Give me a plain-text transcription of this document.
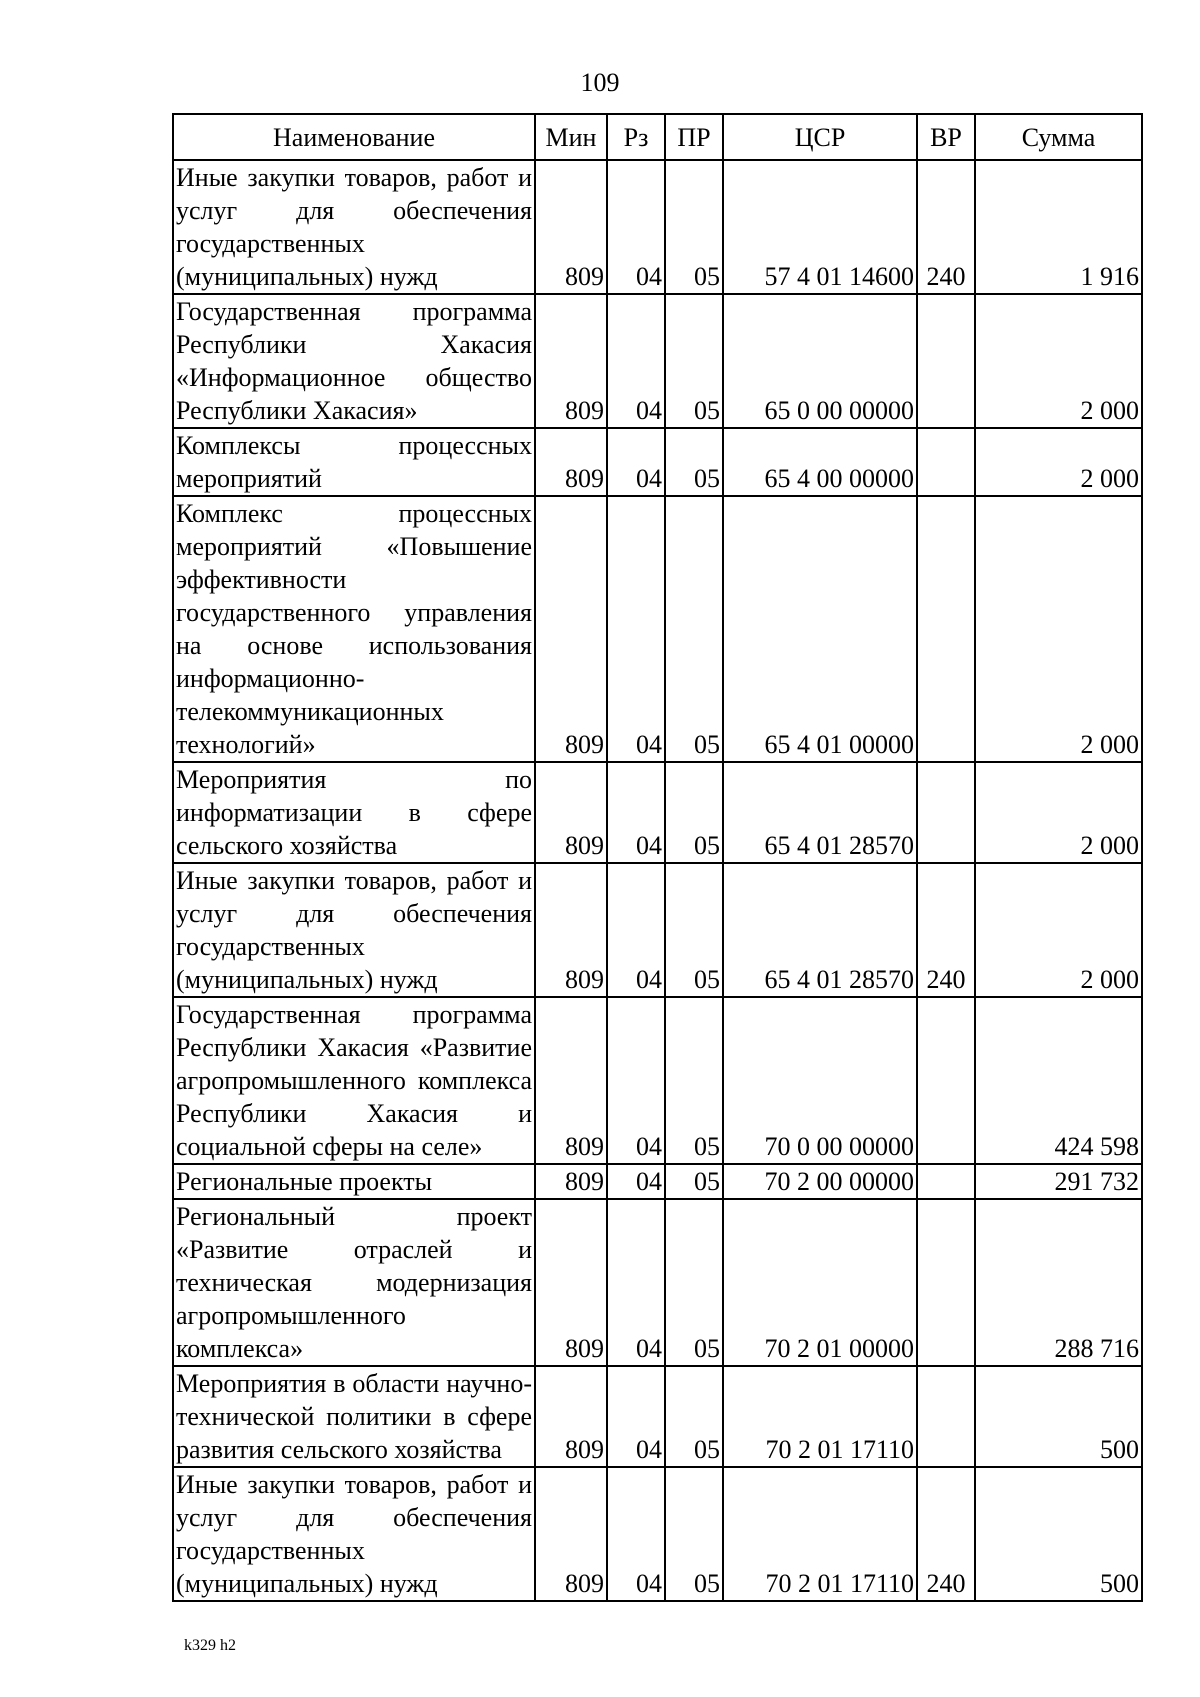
109
Наименование	Мин	Рз	ПР	ЦСР	ВР	Сумма
Иные закупки товаров, работ и услуг для обеспечения государственных (муниципальных) нужд	809	04	05	57 4 01 14600	240	1 916
Государственная программа Республики Хакасия «Информационное общество Республики Хакасия»	809	04	05	65 0 00 00000		2 000
Комплексы процессных мероприятий	809	04	05	65 4 00 00000		2 000
Комплекс процессных мероприятий «Повышение эффективности государственного управления на основе использования информационно-телекоммуникационных технологий»	809	04	05	65 4 01 00000		2 000
Мероприятия по информатизации в сфере сельского хозяйства	809	04	05	65 4 01 28570		2 000
Иные закупки товаров, работ и услуг для обеспечения государственных (муниципальных) нужд	809	04	05	65 4 01 28570	240	2 000
Государственная программа Республики Хакасия «Развитие агропромышленного комплекса Республики Хакасия и социальной сферы на селе»	809	04	05	70 0 00 00000		424 598
Региональные проекты	809	04	05	70 2 00 00000		291 732
Региональный проект «Развитие отраслей и техническая модернизация агропромышленного комплекса»	809	04	05	70 2 01 00000		288 716
Мероприятия в области научно-технической политики в сфере развития сельского хозяйства	809	04	05	70 2 01 17110		500
Иные закупки товаров, работ и услуг для обеспечения государственных (муниципальных) нужд	809	04	05	70 2 01 17110	240	500
k329 h2
